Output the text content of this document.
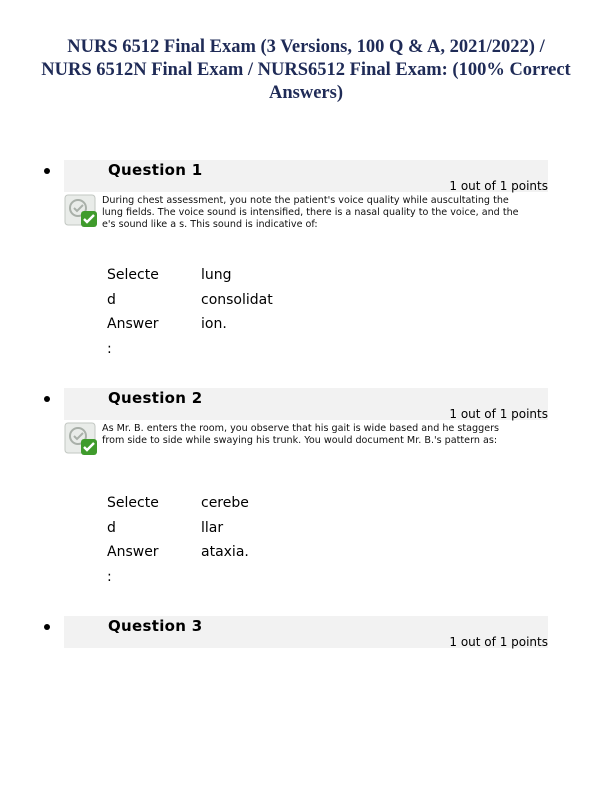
NURS 6512 Final Exam (3 Versions, 100 Q & A, 2021/2022) / NURS 6512N Final Exam / NURS6512 Final Exam: (100% Correct Answers)
Question 1
1 out of 1 points
During chest assessment, you note the patient's voice quality while auscultating the lung fields. The voice sound is intensified, there is a nasal quality to the voice, and the e's sound like a s. This sound is indicative of:
Selecte
d
Answer
:
lung
consolidat
ion.
Question 2
1 out of 1 points
As Mr. B. enters the room, you observe that his gait is wide based and he staggers from side to side while swaying his trunk. You would document Mr. B.'s pattern as:
Selecte
d
Answer
:
cerebe
llar
ataxia.
Question 3
1 out of 1 points
